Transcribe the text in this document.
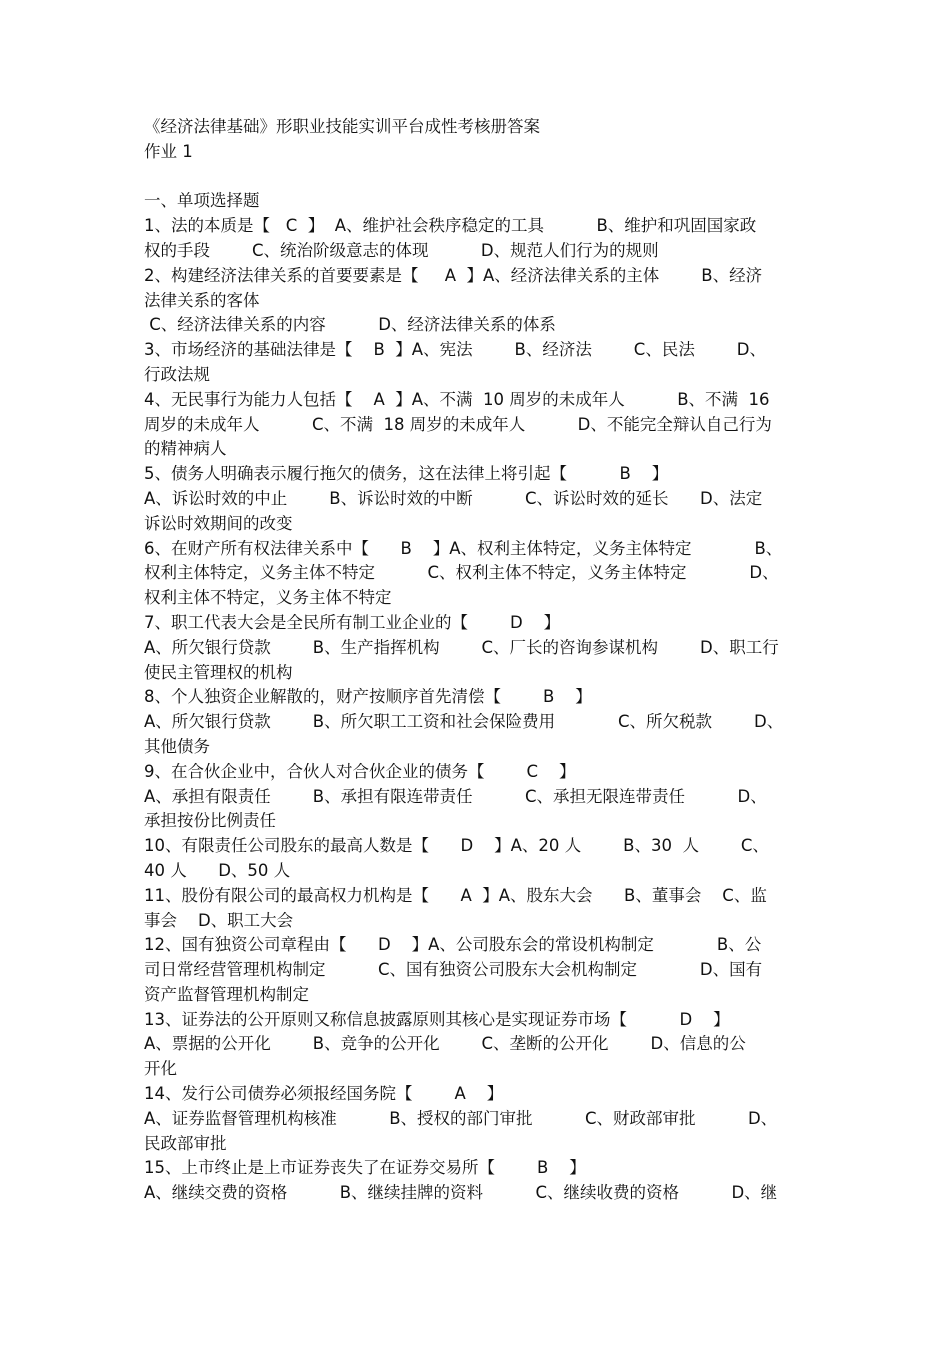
《经济法律基础》形职业技能实训平台成性考核册答案
作业 1
一、单项选择题
1、法的本质是【   C  】  A、维护社会秩序稳定的工具          B、维护和巩固国家政
权的手段        C、统治阶级意志的体现          D、规范人们行为的规则
2、构建经济法律关系的首要要素是【     A  】A、经济法律关系的主体        B、经济
法律关系的客体
C、经济法律关系的内容          D、经济法律关系的体系
3、市场经济的基础法律是【    B  】A、宪法        B、经济法        C、民法        D、
行政法规
4、无民事行为能力人包括【    A  】A、不满  10 周岁的未成年人          B、不满  16
周岁的未成年人          C、不满  18 周岁的未成年人          D、不能完全辩认自己行为
的精神病人
5、债务人明确表示履行拖欠的债务，这在法律上将引起【          B    】
A、诉讼时效的中止        B、诉讼时效的中断          C、诉讼时效的延长      D、法定
诉讼时效期间的改变
6、在财产所有权法律关系中【      B    】A、权利主体特定，义务主体特定            B、
权利主体特定，义务主体不特定          C、权利主体不特定，义务主体特定            D、
权利主体不特定，义务主体不特定
7、职工代表大会是全民所有制工业企业的【        D    】
A、所欠银行贷款        B、生产指挥机构        C、厂长的咨询参谋机构        D、职工行
使民主管理权的机构
8、个人独资企业解散的，财产按顺序首先清偿【        B    】
A、所欠银行贷款        B、所欠职工工资和社会保险费用            C、所欠税款        D、
其他债务
9、在合伙企业中，合伙人对合伙企业的债务【        C    】
A、承担有限责任        B、承担有限连带责任          C、承担无限连带责任          D、
承担按份比例责任
10、有限责任公司股东的最高人数是【      D    】A、20 人        B、30  人        C、
40 人      D、50 人
11、股份有限公司的最高权力机构是【      A  】A、股东大会      B、董事会    C、监
事会    D、职工大会
12、国有独资公司章程由【      D    】A、公司股东会的常设机构制定            B、公
司日常经营管理机构制定          C、国有独资公司股东大会机构制定            D、国有
资产监督管理机构制定
13、证券法的公开原则又称信息披露原则其核心是实现证券市场【          D    】
A、票据的公开化        B、竞争的公开化        C、垄断的公开化        D、信息的公
开化
14、发行公司债券必须报经国务院【        A    】
A、证券监督管理机构核准          B、授权的部门审批          C、财政部审批          D、
民政部审批
15、上市终止是上市证券丧失了在证券交易所【        B    】
A、继续交费的资格          B、继续挂牌的资料          C、继续收费的资格          D、继
